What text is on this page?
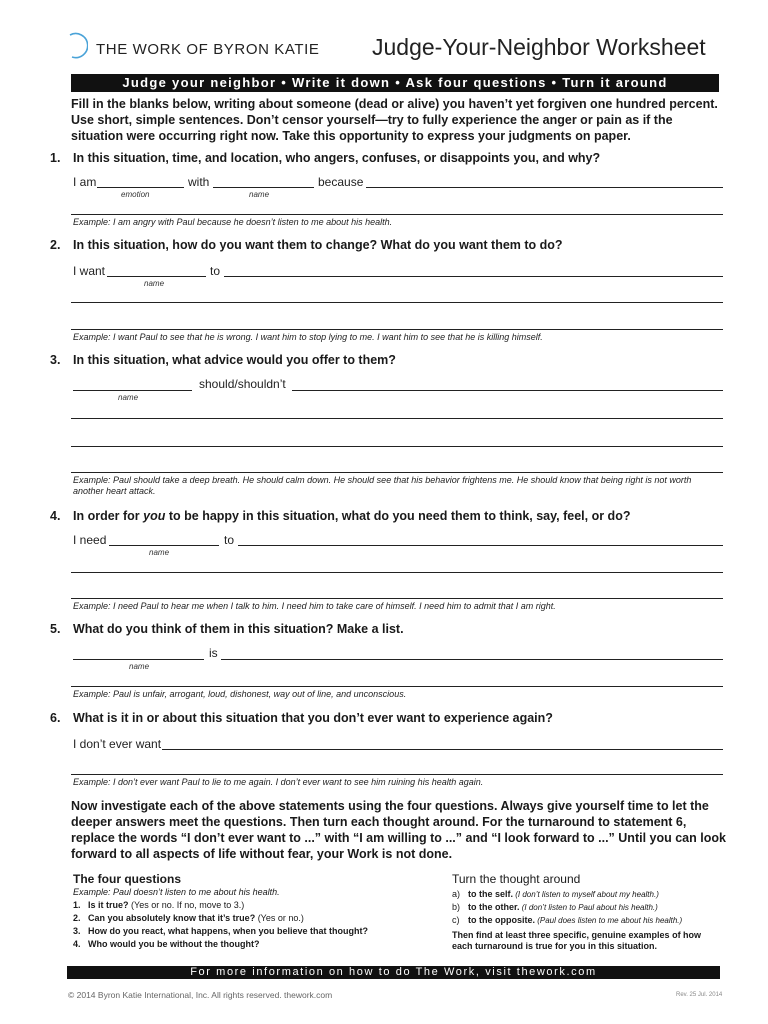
THE WORK OF BYRON KATIE Judge-Your-Neighbor Worksheet
Judge your neighbor • Write it down • Ask four questions • Turn it around
Fill in the blanks below, writing about someone (dead or alive) you haven’t yet forgiven one hundred percent. Use short, simple sentences. Don’t censor yourself—try to fully experience the anger or pain as if the situation were occurring right now. Take this opportunity to express your judgments on paper.
1. In this situation, time, and location, who angers, confuses, or disappoints you, and why?
I am
emotion
with
name
because
Example: I am angry with Paul because he doesn’t listen to me about his health.
2. In this situation, how do you want them to change? What do you want them to do?
I want
name
to
Example: I want Paul to see that he is wrong. I want him to stop lying to me. I want him to see that he is killing himself.
3. In this situation, what advice would you offer to them?
name
should/shouldn’t
Example: Paul should take a deep breath. He should calm down. He should see that his behavior frightens me. He should know that being right is not worth another heart attack.
4. In order for you to be happy in this situation, what do you need them to think, say, feel, or do?
I need
name
to
Example: I need Paul to hear me when I talk to him. I need him to take care of himself. I need him to admit that I am right.
5. What do you think of them in this situation? Make a list.
name
is
Example: Paul is unfair, arrogant, loud, dishonest, way out of line, and unconscious.
6. What is it in or about this situation that you don’t ever want to experience again?
I don’t ever want
Example: I don’t ever want Paul to lie to me again. I don’t ever want to see him ruining his health again.
Now investigate each of the above statements using the four questions. Always give yourself time to let the deeper answers meet the questions. Then turn each thought around. For the turnaround to statement 6, replace the words “I don’t ever want to ...” with “I am willing to ...” and “I look forward to ...” Until you can look forward to all aspects of life without fear, your Work is not done.
The four questions
Example: Paul doesn’t listen to me about his health.
1. Is it true? (Yes or no. If no, move to 3.)
2. Can you absolutely know that it’s true? (Yes or no.)
3. How do you react, what happens, when you believe that thought?
4. Who would you be without the thought?
Turn the thought around
a) to the self. (I don’t listen to myself about my health.)
b) to the other. (I don’t listen to Paul about his health.)
c) to the opposite. (Paul does listen to me about his health.)
Then find at least three specific, genuine examples of how each turnaround is true for you in this situation.
For more information on how to do The Work, visit thework.com
© 2014 Byron Katie International, Inc. All rights reserved. thework.com	Rev. 25 Jul. 2014
